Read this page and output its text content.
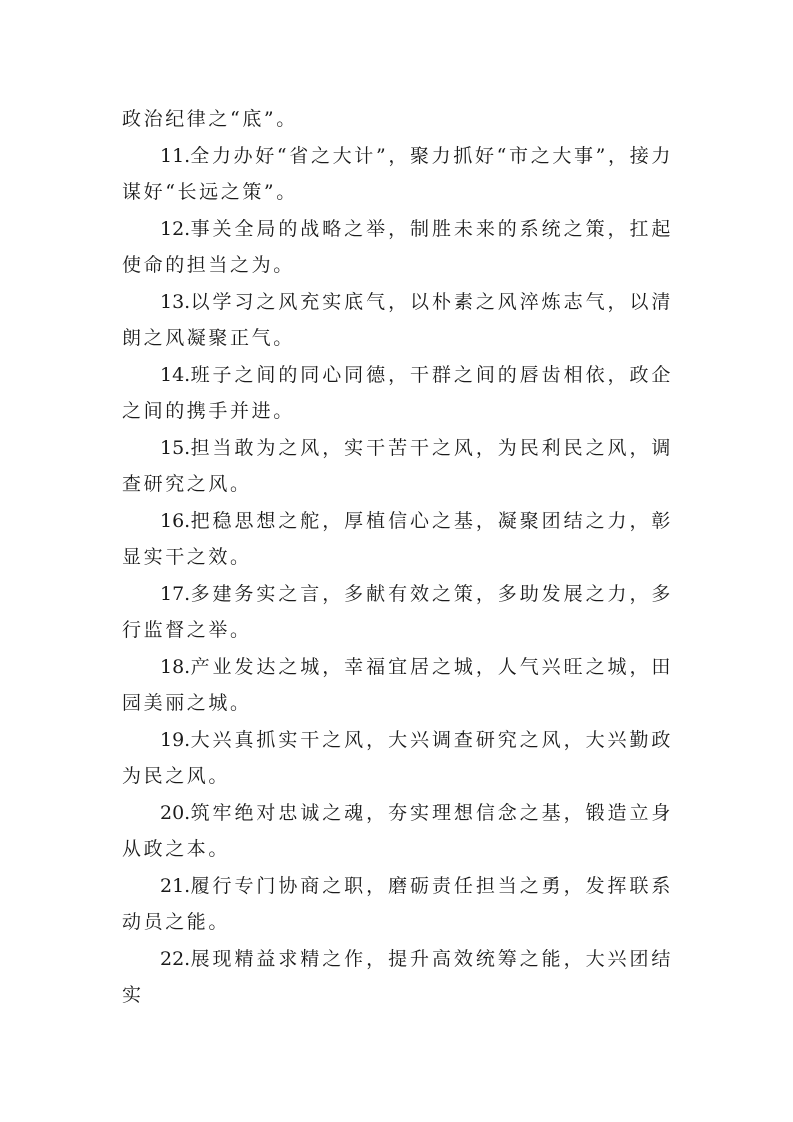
政治纪律之“底”。

11.全力办好“省之大计”，聚力抓好“市之大事”，接力谋好“长远之策”。

12.事关全局的战略之举，制胜未来的系统之策，扛起使命的担当之为。

13.以学习之风充实底气，以朴素之风淬炼志气，以清朗之风凝聚正气。

14.班子之间的同心同德，干群之间的唇齿相依，政企之间的携手并进。

15.担当敢为之风，实干苦干之风，为民利民之风，调查研究之风。

16.把稳思想之舵，厚植信心之基，凝聚团结之力，彰显实干之效。

17.多建务实之言，多献有效之策，多助发展之力，多行监督之举。

18.产业发达之城，幸福宜居之城，人气兴旺之城，田园美丽之城。

19.大兴真抓实干之风，大兴调查研究之风，大兴勤政为民之风。

20.筑牢绝对忠诚之魂，夯实理想信念之基，锻造立身从政之本。

21.履行专门协商之职，磨砺责任担当之勇，发挥联系动员之能。

22.展现精益求精之作，提升高效统筹之能，大兴团结实
